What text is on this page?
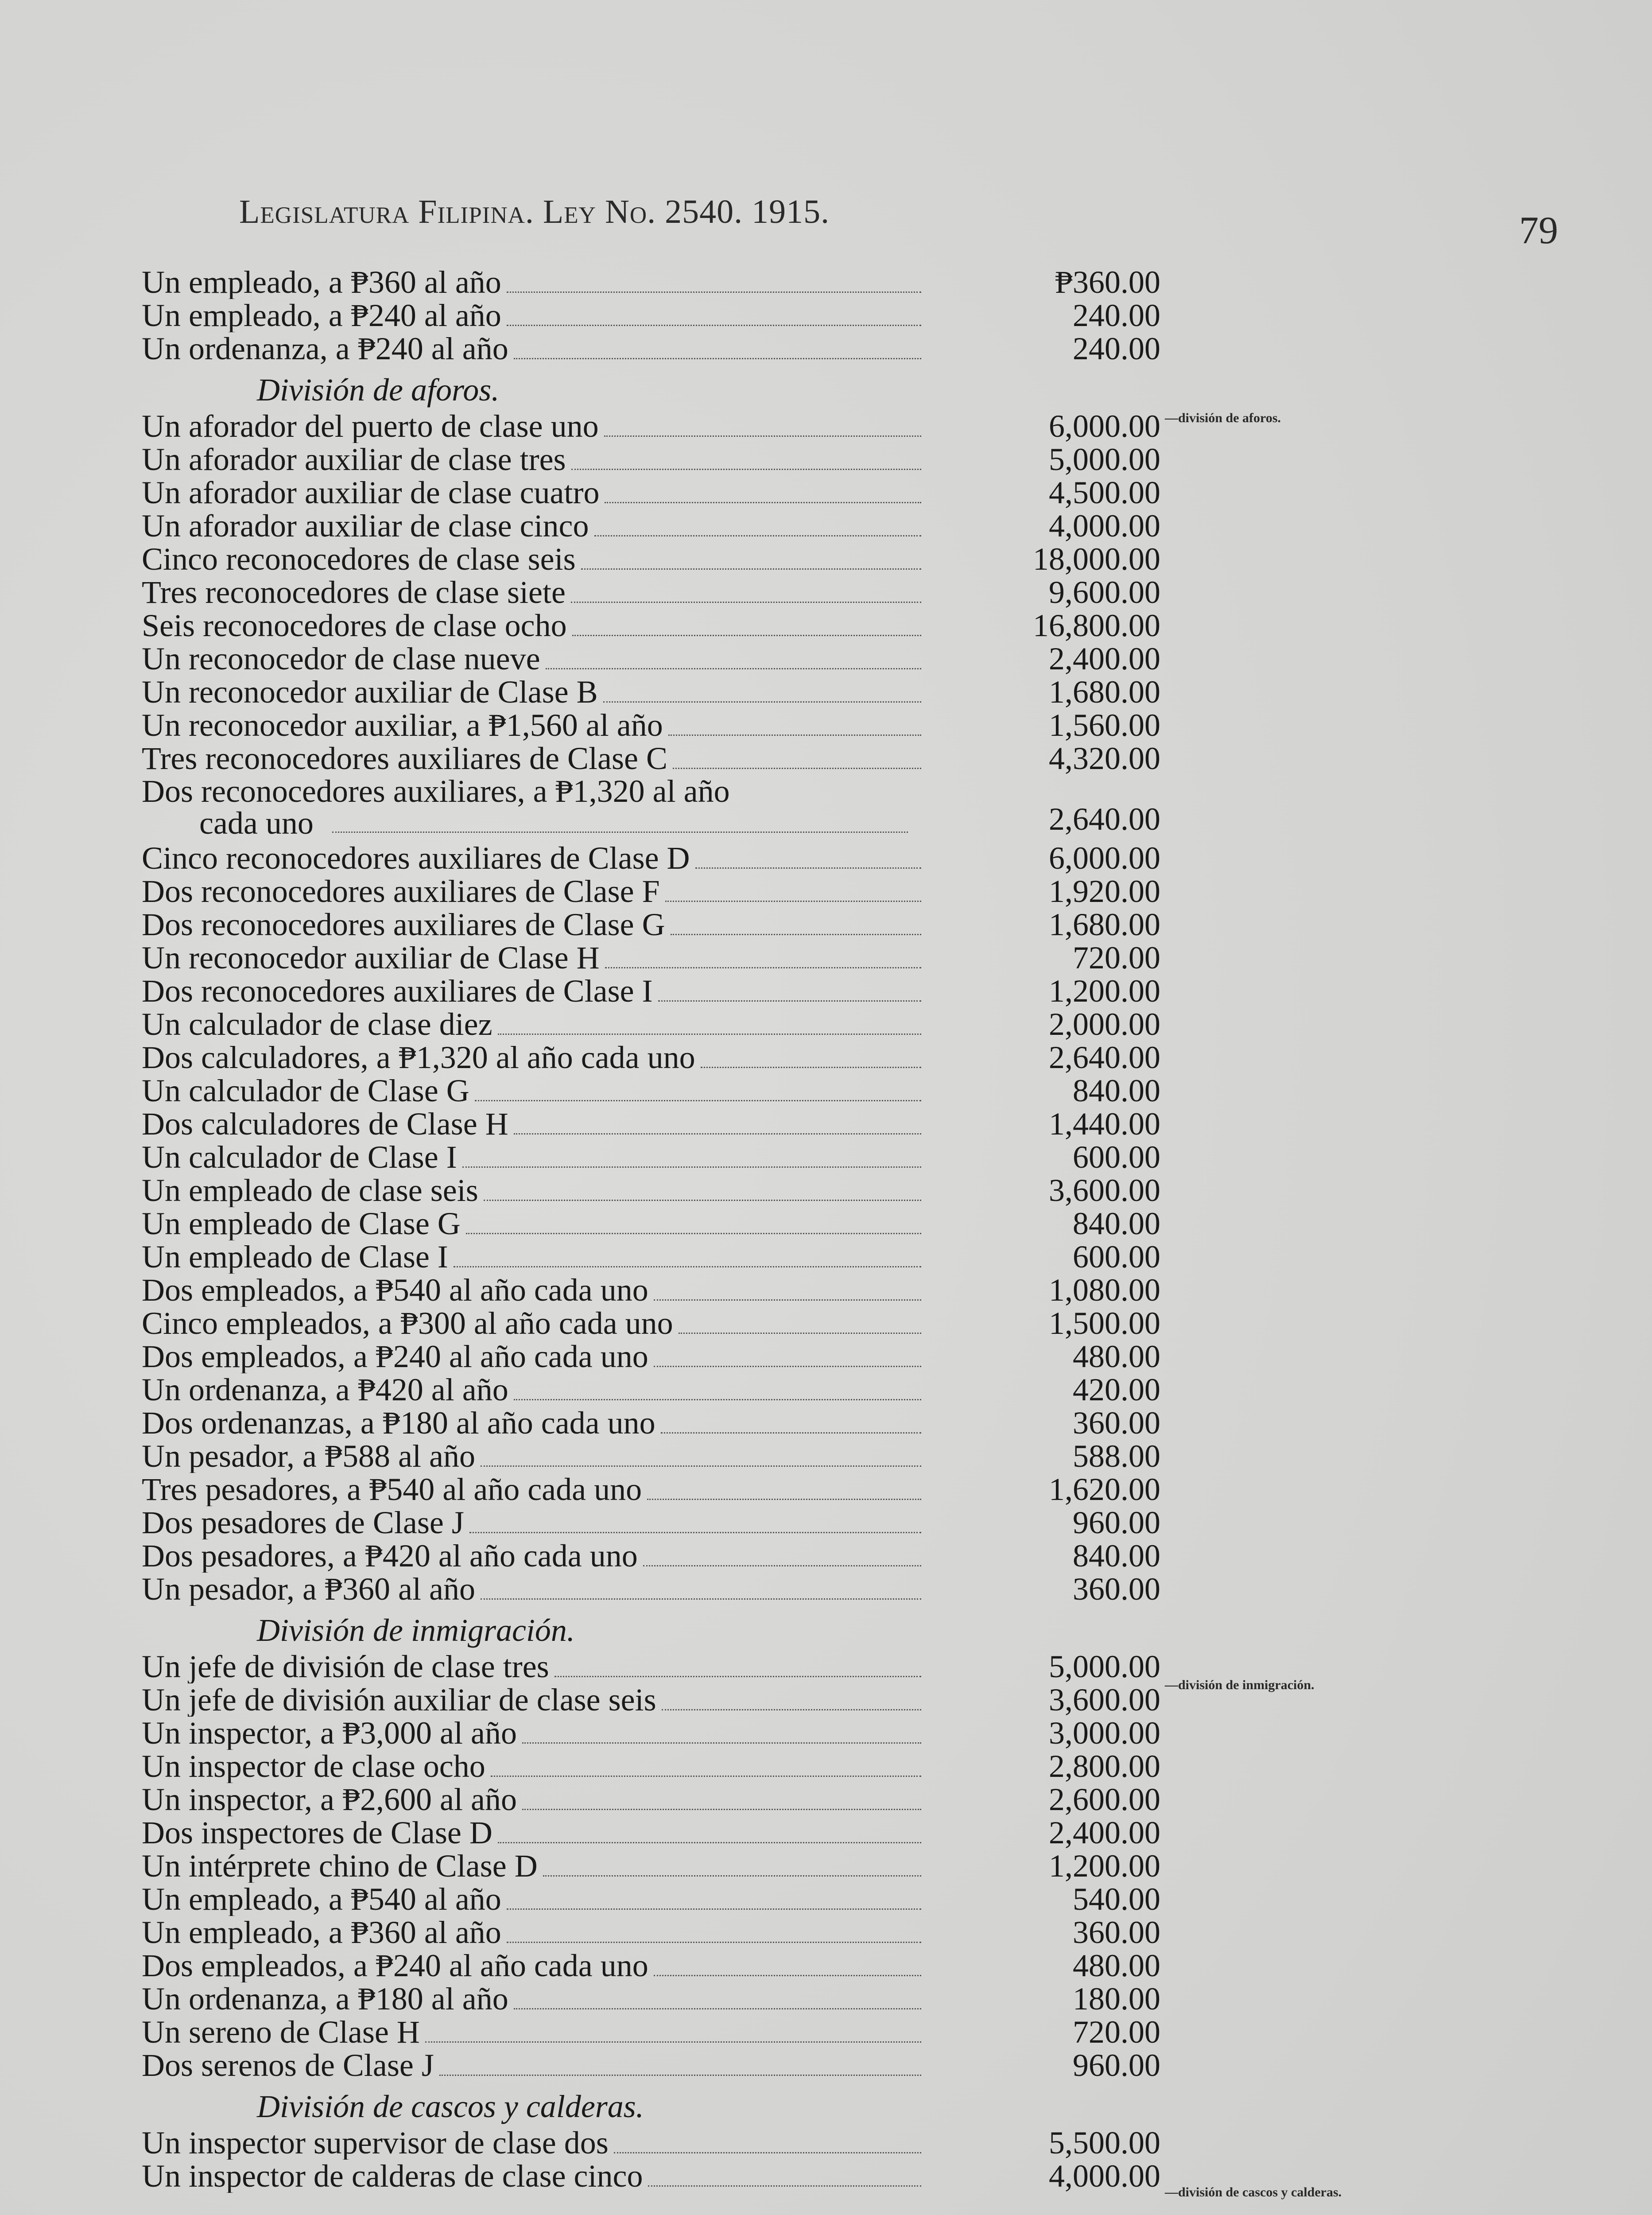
Legislatura Filipina. Ley No. 2540. 1915.	79
Un empleado, a ₱360 al año	₱360.00
Un empleado, a ₱240 al año	240.00
Un ordenanza, a ₱240 al año	240.00
División de aforos.
Un aforador del puerto de clase uno	6,000.00
Un aforador auxiliar de clase tres	5,000.00
Un aforador auxiliar de clase cuatro	4,500.00
Un aforador auxiliar de clase cinco	4,000.00
Cinco reconocedores de clase seis	18,000.00
Tres reconocedores de clase siete	9,600.00
Seis reconocedores de clase ocho	16,800.00
Un reconocedor de clase nueve	2,400.00
Un reconocedor auxiliar de Clase B	1,680.00
Un reconocedor auxiliar, a ₱1,560 al año	1,560.00
Tres reconocedores auxiliares de Clase C	4,320.00
Dos reconocedores auxiliares, a ₱1,320 al año
cada uno	2,640.00
Cinco reconocedores auxiliares de Clase D	6,000.00
Dos reconocedores auxiliares de Clase F	1,920.00
Dos reconocedores auxiliares de Clase G	1,680.00
Un reconocedor auxiliar de Clase H	720.00
Dos reconocedores auxiliares de Clase I	1,200.00
Un calculador de clase diez	2,000.00
Dos calculadores, a ₱1,320 al año cada uno	2,640.00
Un calculador de Clase G	840.00
Dos calculadores de Clase H	1,440.00
Un calculador de Clase I	600.00
Un empleado de clase seis	3,600.00
Un empleado de Clase G	840.00
Un empleado de Clase I	600.00
Dos empleados, a ₱540 al año cada uno	1,080.00
Cinco empleados, a ₱300 al año cada uno	1,500.00
Dos empleados, a ₱240 al año cada uno	480.00
Un ordenanza, a ₱420 al año	420.00
Dos ordenanzas, a ₱180 al año cada uno	360.00
Un pesador, a ₱588 al año	588.00
Tres pesadores, a ₱540 al año cada uno	1,620.00
Dos pesadores de Clase J	960.00
Dos pesadores, a ₱420 al año cada uno	840.00
Un pesador, a ₱360 al año	360.00
División de inmigración.
Un jefe de división de clase tres	5,000.00
Un jefe de división auxiliar de clase seis	3,600.00
Un inspector, a ₱3,000 al año	3,000.00
Un inspector de clase ocho	2,800.00
Un inspector, a ₱2,600 al año	2,600.00
Dos inspectores de Clase D	2,400.00
Un intérprete chino de Clase D	1,200.00
Un empleado, a ₱540 al año	540.00
Un empleado, a ₱360 al año	360.00
Dos empleados, a ₱240 al año cada uno	480.00
Un ordenanza, a ₱180 al año	180.00
Un sereno de Clase H	720.00
Dos serenos de Clase J	960.00
División de cascos y calderas.
Un inspector supervisor de clase dos	5,500.00
Un inspector de calderas de clase cinco	4,000.00
—división de aforos.
—división de inmigración.
—división de cascos y calderas.
